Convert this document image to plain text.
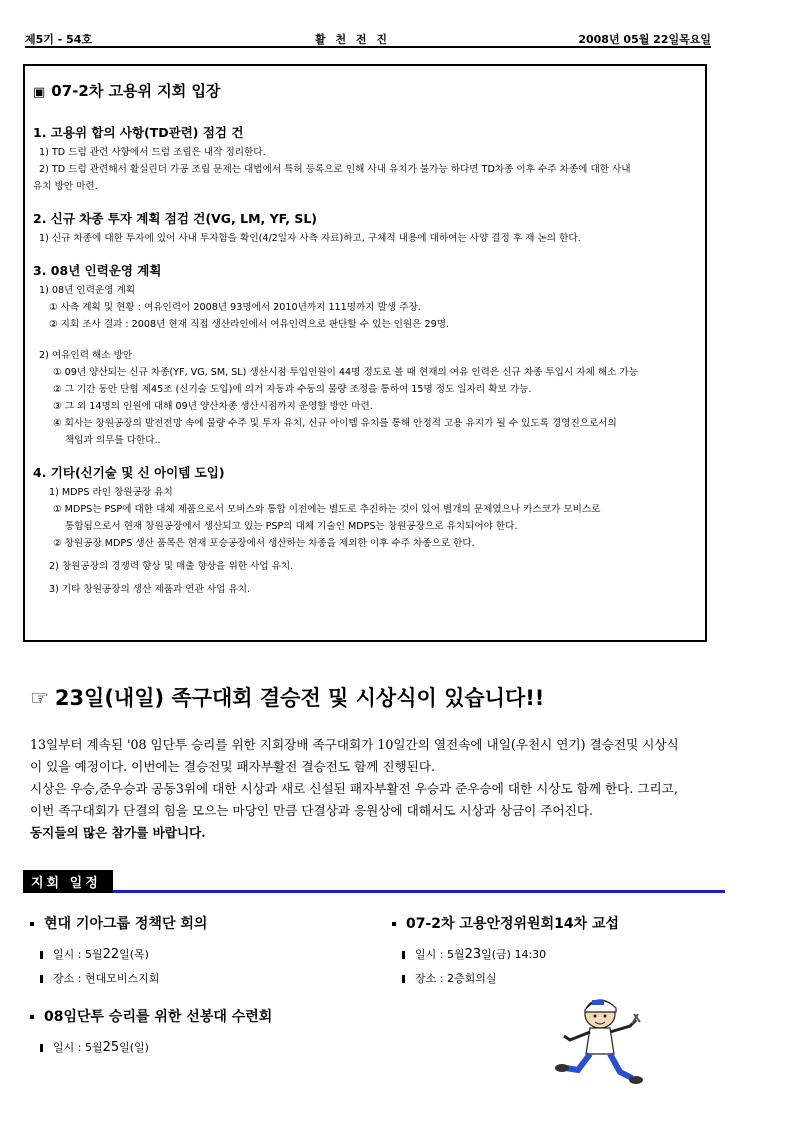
제5기 - 54호	활 천 전 진	2008년 05월 22일목요일
▣ 07-2차 고용위 지회 입장
1. 고용위 합의 사항(TD관련) 점검 건
1) TD 드럼 관련 사항에서 드럼 조립은 내작 정리한다.
2) TD 드럼 관련해서 활실린더 가공 조립 문제는 대법에서 특허 등록으로 인해 사내 유치가 불가능 하다면 TD차종 이후 수주 차종에 대한 사내
유치 방안 마련.
2. 신규 차종 투자 계획 점검 건(VG, LM, YF, SL)
1) 신규 차종에 대한 투자에 있어 사내 투자함을 확인(4/2일자 사측 자료)하고, 구체적 내용에 대하여는 사양 결정 후 재 논의 한다.
3. 08년 인력운영 계획
1) 08년 인력운영 계획
① 사측 계획 및 현황 : 여유인력이 2008년 93명에서 2010년까지 111명까지 발생 주장.
② 지회 조사 결과 : 2008년 현재 직접 생산라인에서 여유인력으로 판단할 수 있는 인원은 29명.
2) 여유인력 해소 방안
① 09년 양산되는 신규 차종(YF, VG, SM, SL) 생산시점 투입인원이 44명 정도로 볼 때 현재의 여유 인력은 신규 차종 투입시 자체 해소 가능
② 그 기간 동안 단협 제45조 (신기술 도입)에 의거 자동과 수동의 물량 조정을 통하여 15명 정도 일자리 확보 가능.
③ 그 외 14명의 인원에 대해 09년 양산차종 생산시점까지 운영할 방안 마련.
④ 회사는 창원공장의 발전전망 속에 물량 수주 및 투자 유치, 신규 아이템 유치를 통해 안정적 고용 유지가 될 수 있도록 경영진으로서의
책임과 의무를 다한다..
4. 기타(신기술 및 신 아이템 도입)
1) MDPS 라인 창원공장 유치
① MDPS는 PSP에 대한 대체 제품으로서 모비스와 통합 이전에는 별도로 추진하는 것이 있어 별개의 문제였으나 카스코가 모비스로
통합됨으로서 현재 창원공장에서 생산되고 있는 PSP의 대체 기술인 MDPS는 창원공장으로 유치되어야 한다.
② 창원공장 MDPS 생산 품목은 현재 포승공장에서 생산하는 차종을 제외한 이후 수주 차종으로 한다.
2) 창원공장의 경쟁력 향상 및 매출 향상을 위한 사업 유치.
3) 기타 창원공장의 생산 제품과 연관 사업 유치.
☞ 23일(내일) 족구대회 결승전 및 시상식이 있습니다!!

13일부터 계속된 '08 임단투 승리를 위한 지회장배 족구대회가 10일간의 열전속에 내일(우천시 연기) 결승전및 시상식

이 있을 예정이다. 이번에는 결승전및 패자부활전 결승전도 함께 진행된다.

시상은 우승,준우승과 공동3위에 대한 시상과 새로 신설된 패자부활전 우승과 준우승에 대한 시상도 함께 한다. 그리고,

이번 족구대회가 단결의 힘을 모으는 마당인 만큼 단결상과 응원상에 대해서도 시상과 상금이 주어진다.

동지들의 많은 참가를 바랍니다.

지회 일정
현대 기아그룹 정책단 회의
일시 : 5월22일(목)
장소 : 현대모비스지회
07-2차 고용안정위원회14차 교섭
일시 : 5월23일(금) 14:30
장소 : 2층회의실
08임단투 승리를 위한 선봉대 수련회
일시 : 5월25일(일)
